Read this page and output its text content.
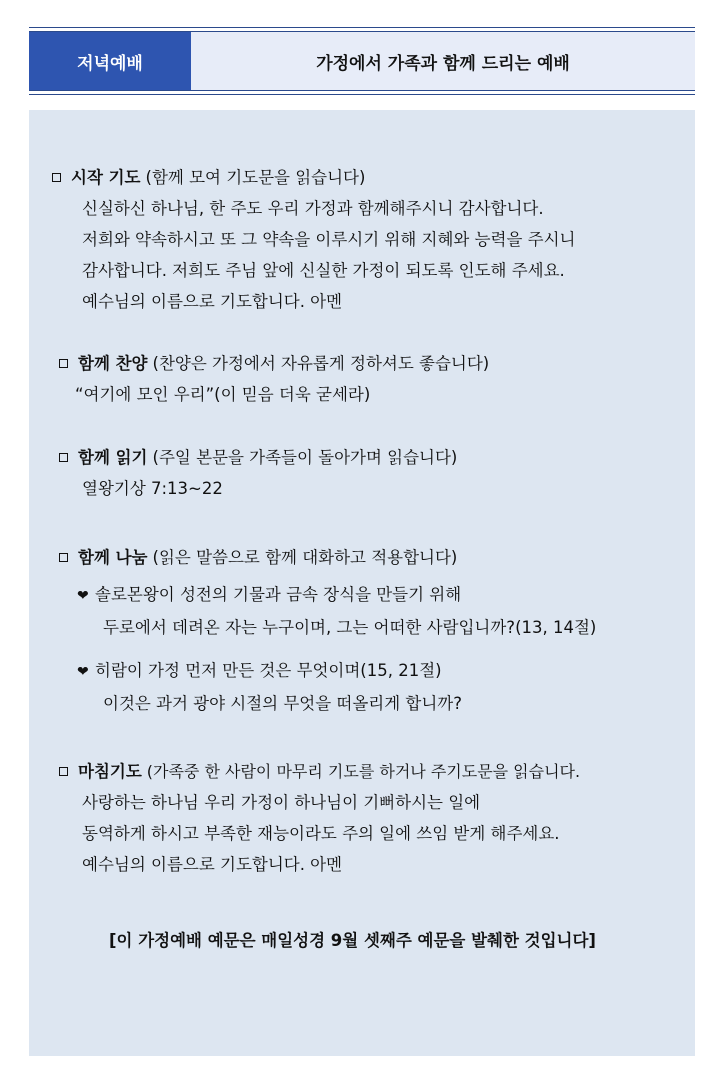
저녁예배	가정에서 가족과 함께 드리는 예배
시작 기도 (함께 모여 기도문을 읽습니다)
신실하신 하나님, 한 주도 우리 가정과 함께해주시니 감사합니다.
저희와 약속하시고 또 그 약속을 이루시기 위해 지혜와 능력을 주시니
감사합니다. 저희도 주님 앞에 신실한 가정이 되도록 인도해 주세요.
예수님의 이름으로 기도합니다. 아멘
함께 찬양 (찬양은 가정에서 자유롭게 정하셔도 좋습니다)
“여기에 모인 우리”(이 믿음 더욱 굳세라)
함께 읽기 (주일 본문을 가족들이 돌아가며 읽습니다)
열왕기상 7:13~22
함께 나눔 (읽은 말씀으로 함께 대화하고 적용합니다)
❤ 솔로몬왕이 성전의 기물과 금속 장식을 만들기 위해
두로에서 데려온 자는 누구이며, 그는 어떠한 사람입니까?(13, 14절)
❤ 히람이 가정 먼저 만든 것은 무엇이며(15, 21절)
이것은 과거 광야 시절의 무엇을 떠올리게 합니까?
마침기도 (가족중 한 사람이 마무리 기도를 하거나 주기도문을 읽습니다.
사랑하는 하나님 우리 가정이 하나님이 기뻐하시는 일에
동역하게 하시고 부족한 재능이라도 주의 일에 쓰임 받게 해주세요.
예수님의 이름으로 기도합니다. 아멘
[이 가정예배 예문은 매일성경 9월 셋째주 예문을 발췌한 것입니다]
